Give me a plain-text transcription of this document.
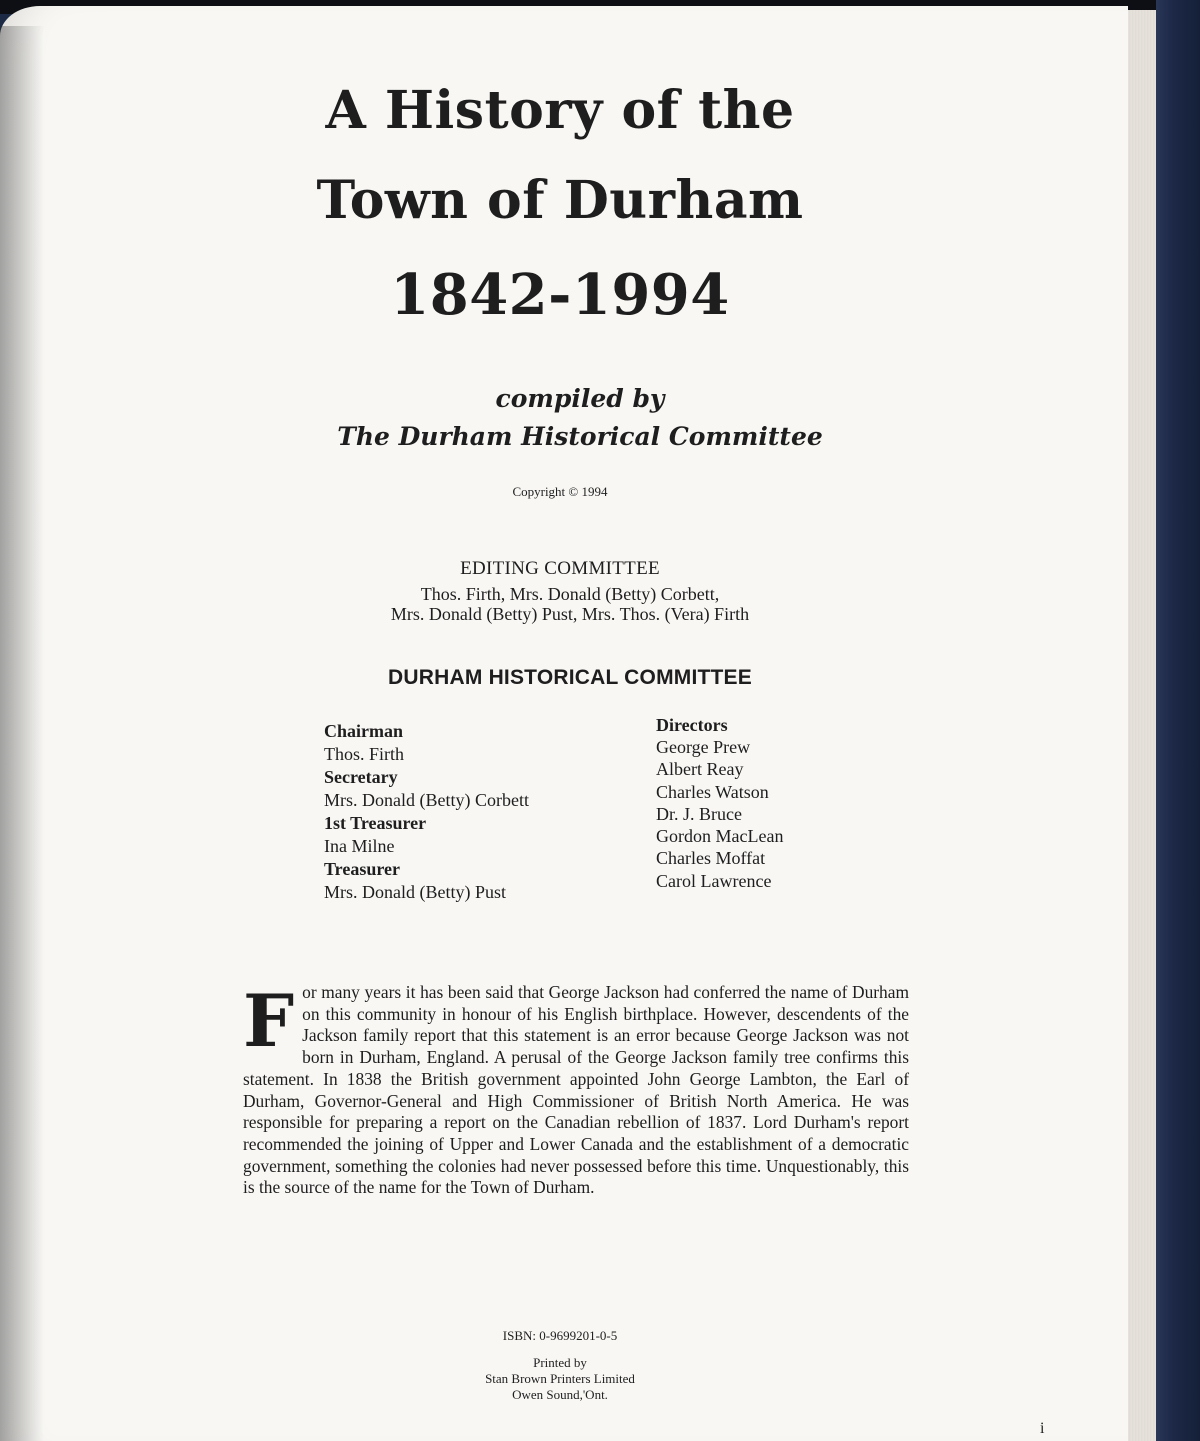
A History of the
Town of Durham
1842-1994
compiled by
The Durham Historical Committee
Copyright © 1994
EDITING COMMITTEE
Thos. Firth, Mrs. Donald (Betty) Corbett,
Mrs. Donald (Betty) Pust, Mrs. Thos. (Vera) Firth
DURHAM HISTORICAL COMMITTEE
Chairman
Thos. Firth
Secretary
Mrs. Donald (Betty) Corbett
1st Treasurer
Ina Milne
Treasurer
Mrs. Donald (Betty) Pust
Directors
George Prew
Albert Reay
Charles Watson
Dr. J. Bruce
Gordon MacLean
Charles Moffat
Carol Lawrence
F or many years it has been said that George Jackson had conferred the name of Durham on this community in honour of his English birthplace. However, descendents of the Jackson family report that this statement is an error because George Jackson was not born in Durham, England. A perusal of the George Jackson family tree confirms this statement. In 1838 the British government appointed John George Lambton, the Earl of Durham, Governor-General and High Commissioner of British North America. He was responsible for preparing a report on the Canadian rebellion of 1837. Lord Durham's report recommended the joining of Upper and Lower Canada and the establishment of a democratic government, something the colonies had never possessed before this time. Unquestionably, this is the source of the name for the Town of Durham.
ISBN: 0-9699201-0-5
Printed by
Stan Brown Printers Limited
Owen Sound,'Ont.
i
